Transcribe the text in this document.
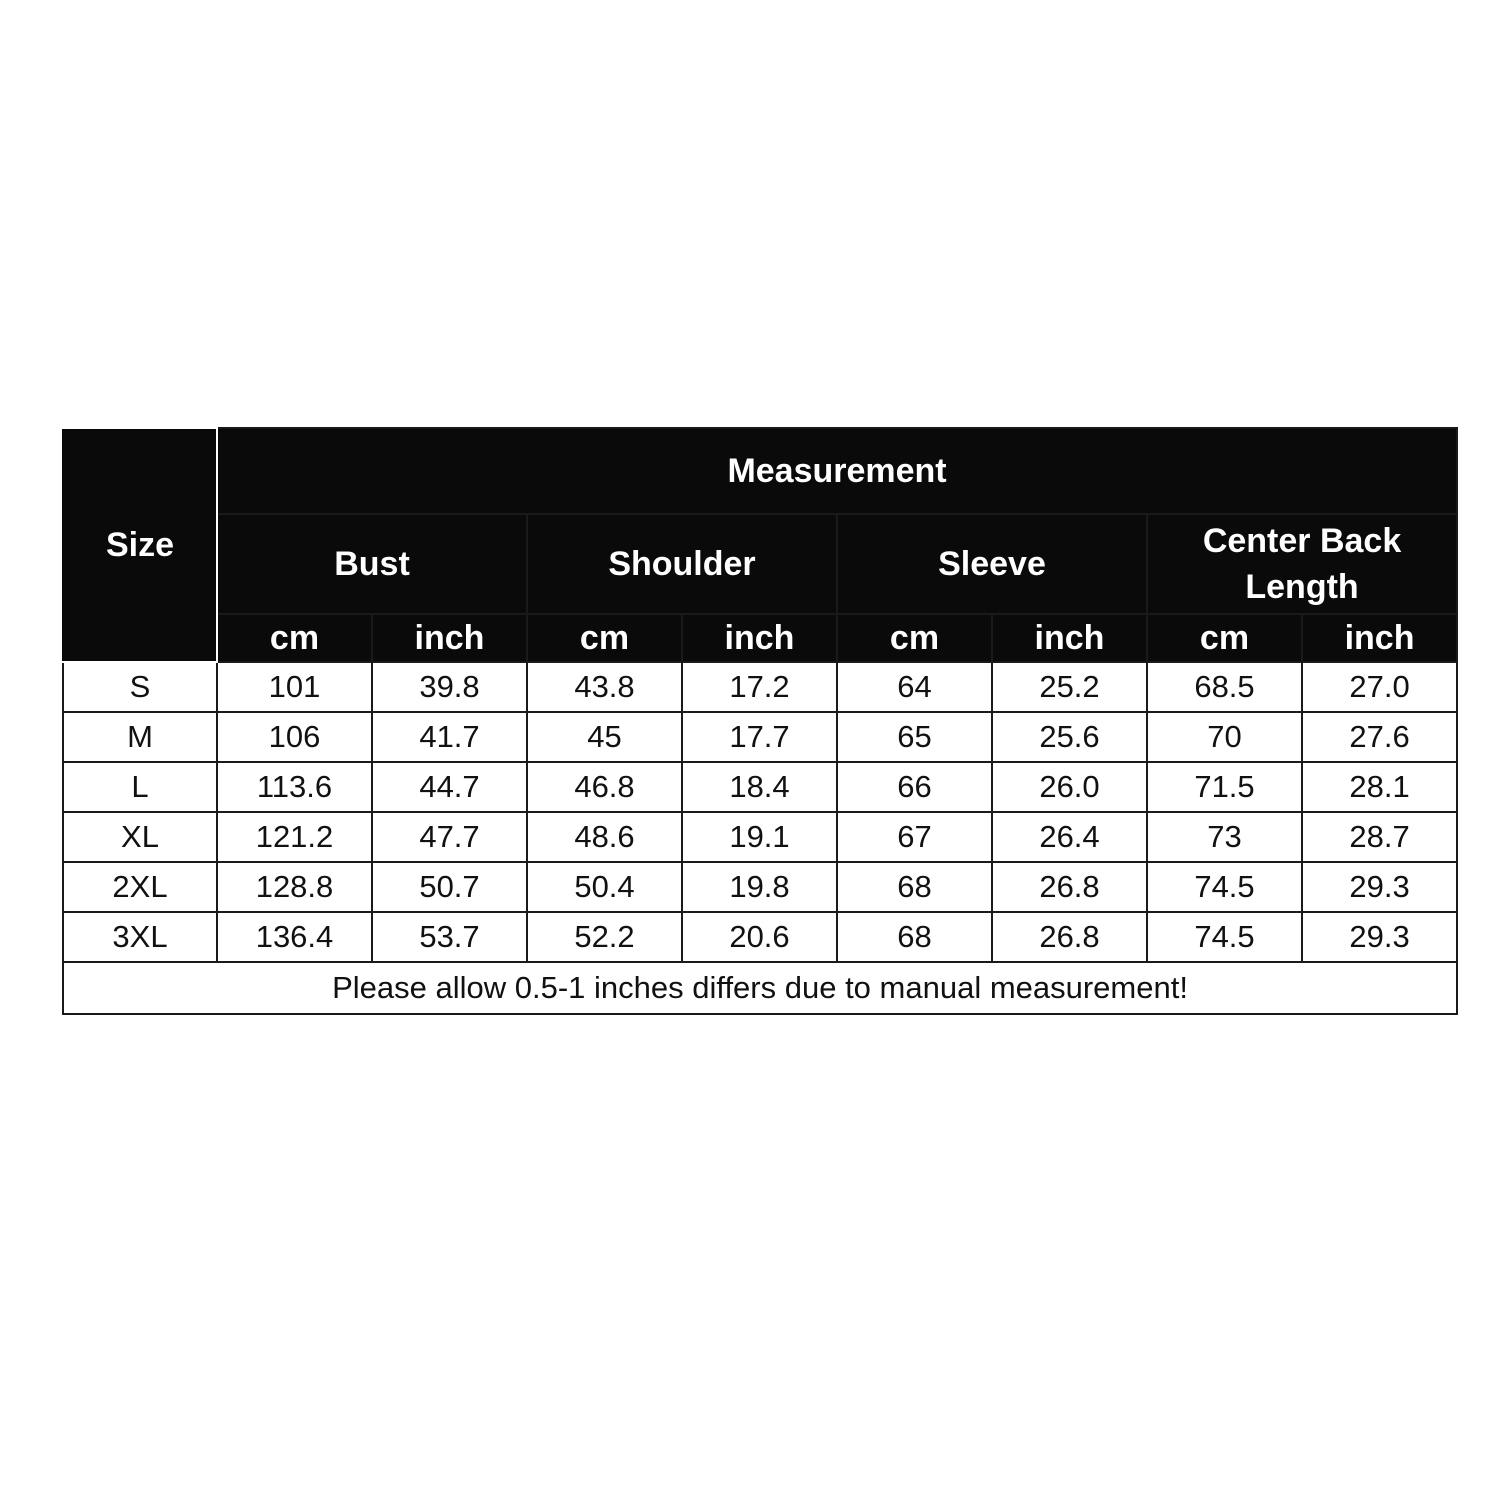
Size	Measurement							
	Bust		Shoulder		Sleeve		Center Back Length	
	cm	inch	cm	inch	cm	inch	cm	inch
S	101	39.8	43.8	17.2	64	25.2	68.5	27.0
M	106	41.7	45	17.7	65	25.6	70	27.6
L	113.6	44.7	46.8	18.4	66	26.0	71.5	28.1
XL	121.2	47.7	48.6	19.1	67	26.4	73	28.7
2XL	128.8	50.7	50.4	19.8	68	26.8	74.5	29.3
3XL	136.4	53.7	52.2	20.6	68	26.8	74.5	29.3
Please allow 0.5-1 inches differs due to manual measurement!								
